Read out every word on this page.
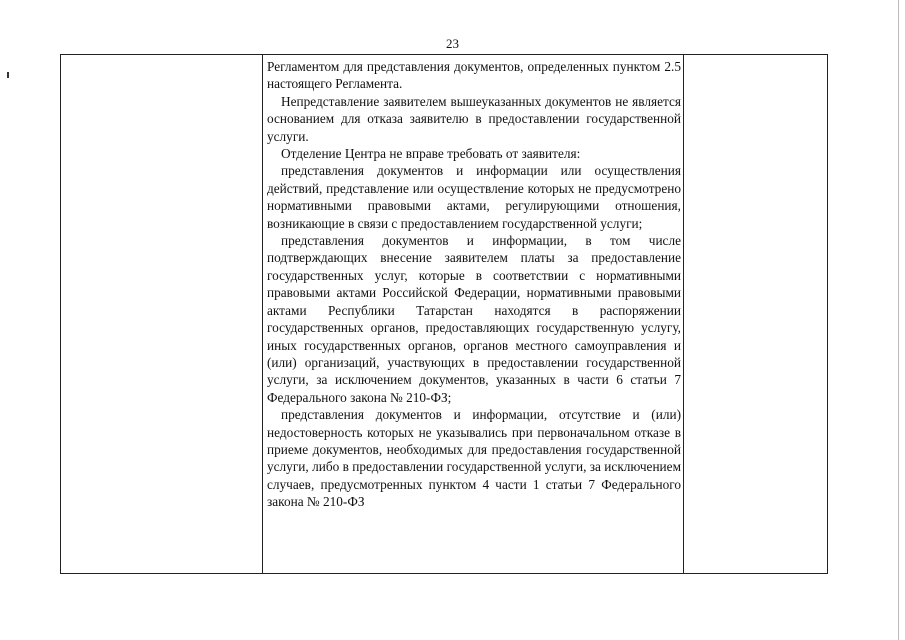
23

Регламентом для представления документов, определенных пунктом 2.5 настоящего Регламента.

Непредставление заявителем вышеуказанных документов не является основанием для отказа заявителю в предоставлении государственной услуги.

Отделение Центра не вправе требовать от заявителя:

представления документов и информации или осуществления действий, представление или осуществление которых не предусмотрено нормативными правовыми актами, регулирующими отношения, возникающие в связи с предоставлением государственной услуги;

представления документов и информации, в том числе подтверждающих внесение заявителем платы за предоставление государственных услуг, которые в соответствии с нормативными правовыми актами Российской Федерации, нормативными правовыми актами Республики Татарстан находятся в распоряжении государственных органов, предоставляющих государственную услугу, иных государственных органов, органов местного самоуправления и (или) организаций, участвующих в предоставлении государственной услуги, за исключением документов, указанных в части 6 статьи 7 Федерального закона № 210-ФЗ;

представления документов и информации, отсутствие и (или) недостоверность которых не указывались при первоначальном отказе в приеме документов, необходимых для предоставления государственной услуги, либо в предоставлении государственной услуги, за исключением случаев, предусмотренных пунктом 4 части 1 статьи 7 Федерального закона № 210-ФЗ
